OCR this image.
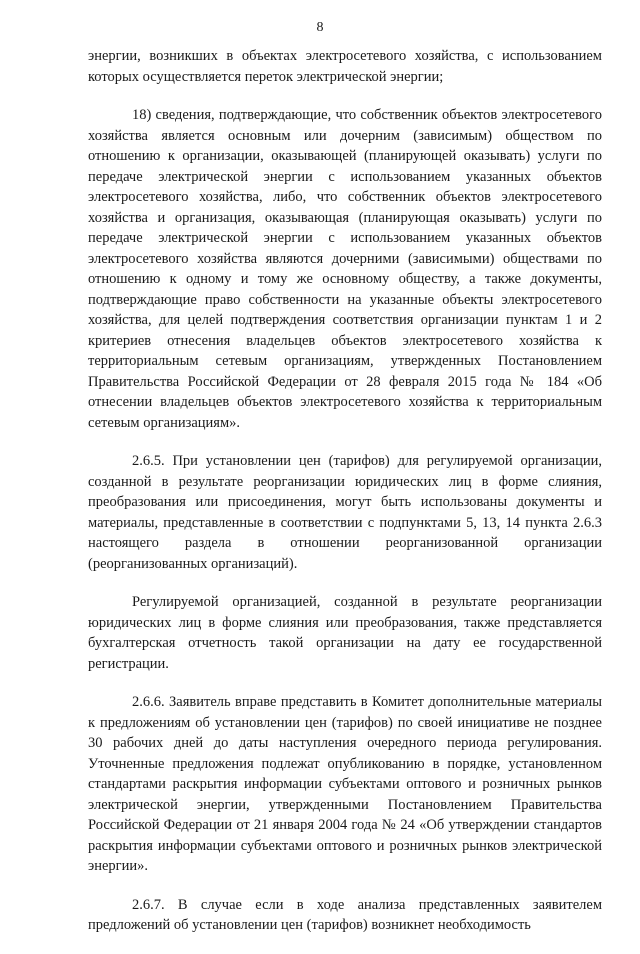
8

энергии, возникших в объектах электросетевого хозяйства, с использованием которых осуществляется переток электрической энергии;

18) сведения, подтверждающие, что собственник объектов электросетевого хозяйства является основным или дочерним (зависимым) обществом по отношению к организации, оказывающей (планирующей оказывать) услуги по передаче электрической энергии с использованием указанных объектов электросетевого хозяйства, либо, что собственник объектов электросетевого хозяйства и организация, оказывающая (планирующая оказывать) услуги по передаче электрической энергии с использованием указанных объектов электросетевого хозяйства являются дочерними (зависимыми) обществами по отношению к одному и тому же основному обществу, а также документы, подтверждающие право собственности на указанные объекты электросетевого хозяйства, для целей подтверждения соответствия организации пунктам 1 и 2 критериев отнесения владельцев объектов электросетевого хозяйства к территориальным сетевым организациям, утвержденных Постановлением Правительства Российской Федерации от 28 февраля 2015 года № 184 «Об отнесении владельцев объектов электросетевого хозяйства к территориальным сетевым организациям».

2.6.5. При установлении цен (тарифов) для регулируемой организации, созданной в результате реорганизации юридических лиц в форме слияния, преобразования или присоединения, могут быть использованы документы и материалы, представленные в соответствии с подпунктами 5, 13, 14 пункта 2.6.3 настоящего раздела в отношении реорганизованной организации (реорганизованных организаций).

Регулируемой организацией, созданной в результате реорганизации юридических лиц в форме слияния или преобразования, также представляется бухгалтерская отчетность такой организации на дату ее государственной регистрации.

2.6.6. Заявитель вправе представить в Комитет дополнительные материалы к предложениям об установлении цен (тарифов) по своей инициативе не позднее 30 рабочих дней до даты наступления очередного периода регулирования. Уточненные предложения подлежат опубликованию в порядке, установленном стандартами раскрытия информации субъектами оптового и розничных рынков электрической энергии, утвержденными Постановлением Правительства Российской Федерации от 21 января 2004 года № 24 «Об утверждении стандартов раскрытия информации субъектами оптового и розничных рынков электрической энергии».

2.6.7. В случае если в ходе анализа представленных заявителем предложений об установлении цен (тарифов) возникнет необходимость
